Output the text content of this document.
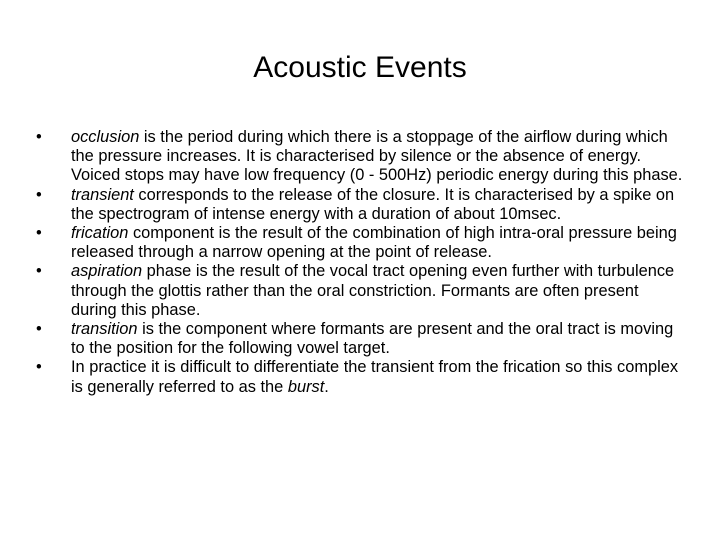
Acoustic Events
•	occlusion is the period during which there is a stoppage of the airflow during which the pressure increases. It is characterised by silence or the absence of energy. Voiced stops may have low frequency (0 - 500Hz) periodic energy during this phase.
•	transient corresponds to the release of the closure. It is characterised by a spike on the spectrogram of intense energy with a duration of about 10msec.
•	frication component is the result of the combination of high intra-oral pressure being released through a narrow opening at the point of release.
•	aspiration phase is the result of the vocal tract opening even further with turbulence through the glottis rather than the oral constriction. Formants are often present during this phase.
•	transition is the component where formants are present and the oral tract is moving to the position for the following vowel target.
•	In practice it is difficult to differentiate the transient from the frication so this complex is generally referred to as the burst.
